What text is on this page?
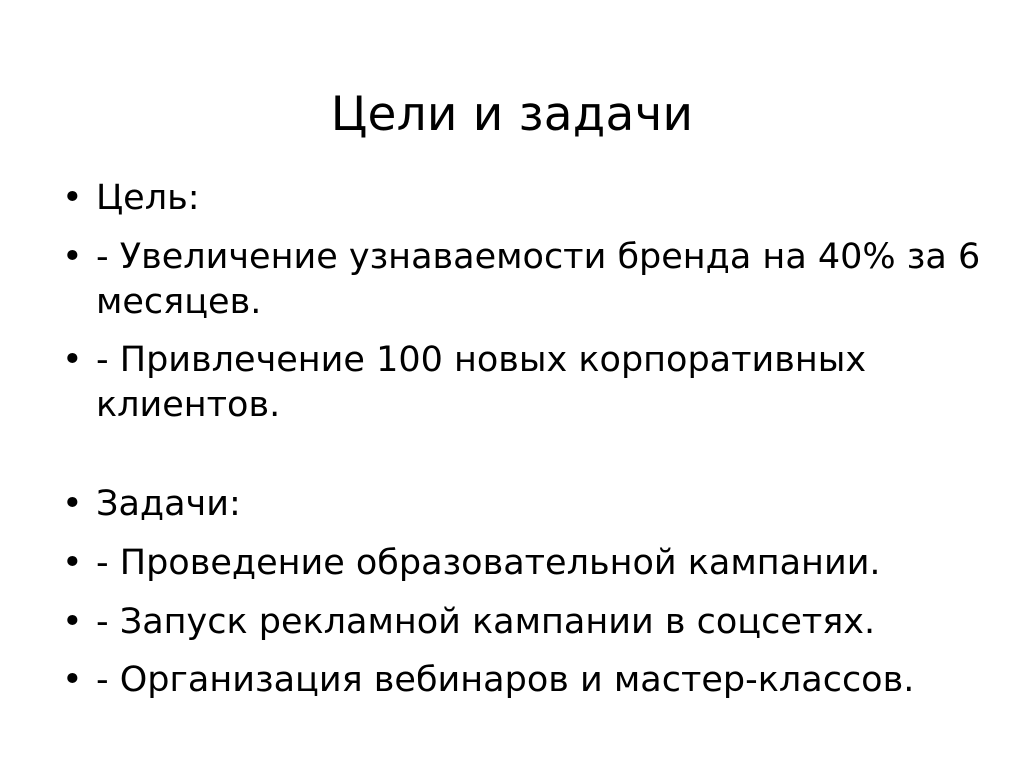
Цели и задачи
• Цель:
• - Увеличение узнаваемости бренда на 40% за 6 месяцев.
• - Привлечение 100 новых корпоративных клиентов.
• Задачи:
• - Проведение образовательной кампании.
• - Запуск рекламной кампании в соцсетях.
• - Организация вебинаров и мастер-классов.
